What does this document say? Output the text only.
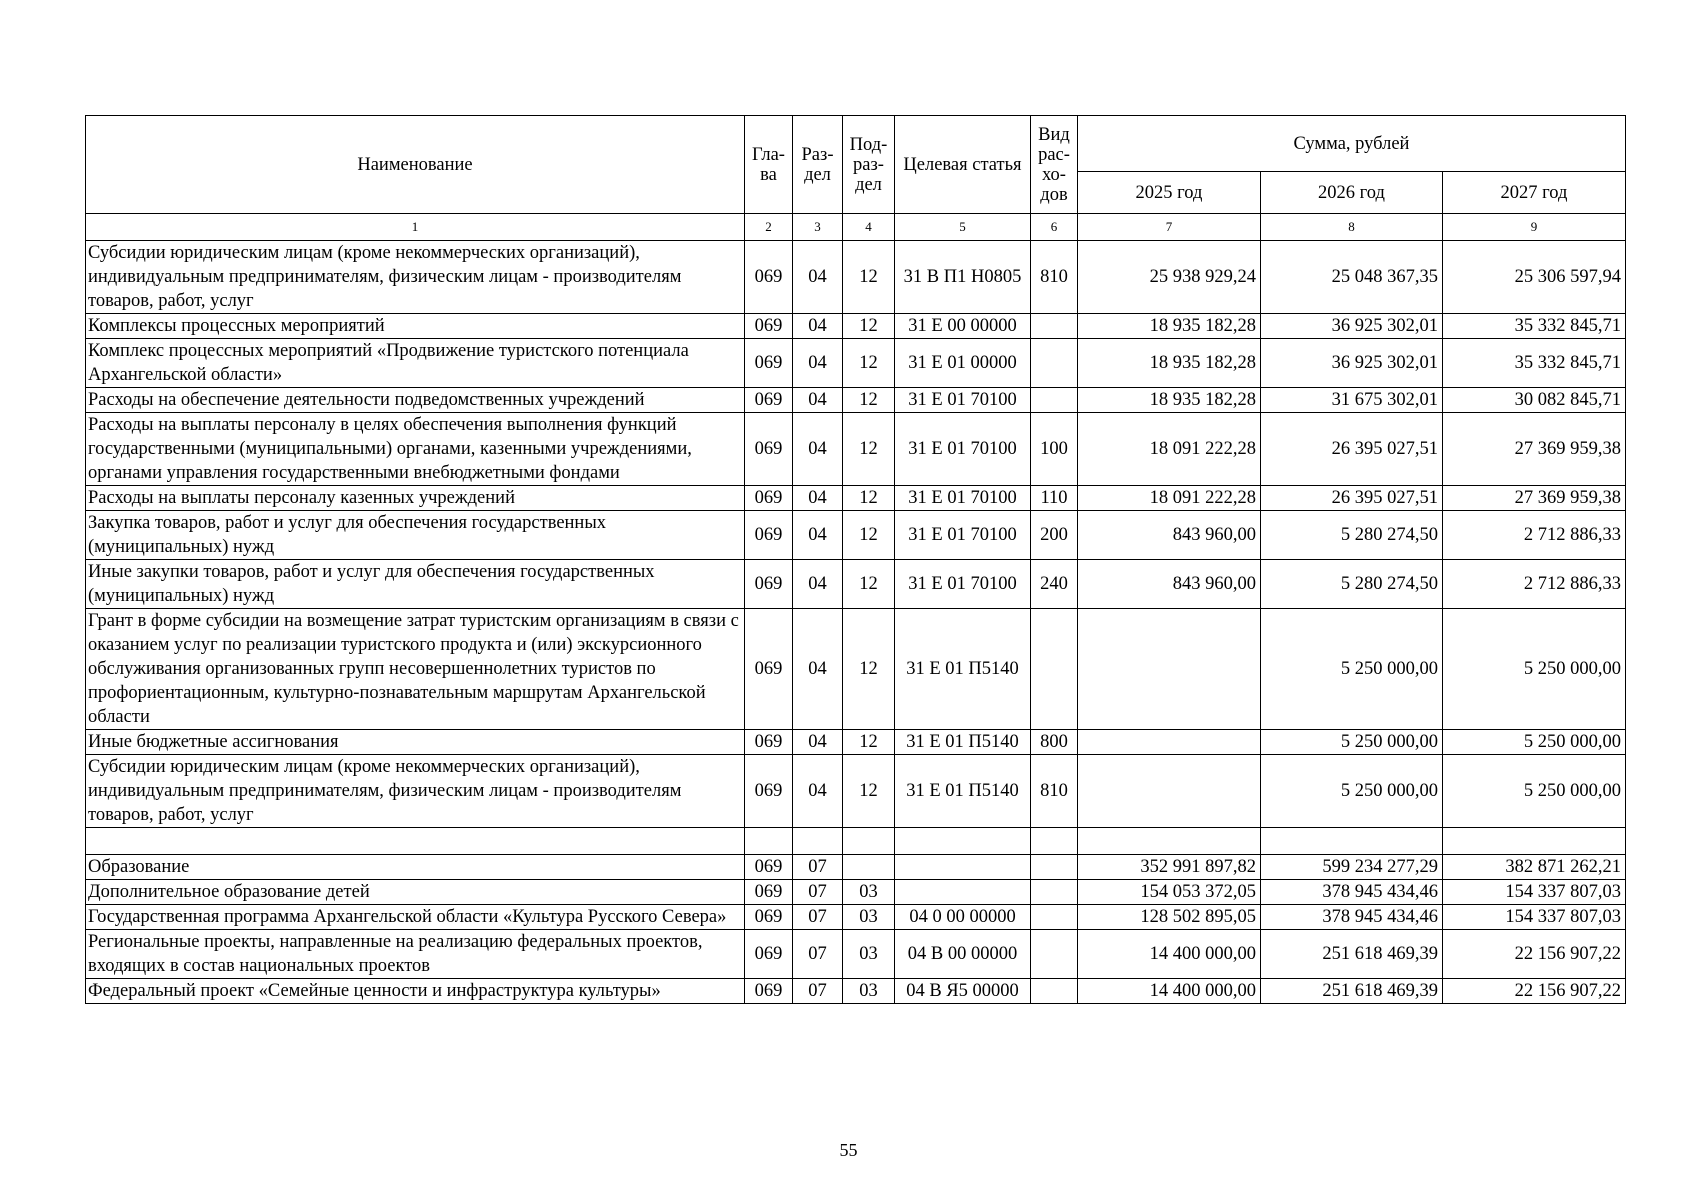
Наименование	Гла-ва	Раз-дел	Под-раз-дел	Целевая статья	Вид рас-хо-дов	Сумма, рублей		
						2025 год	2026 год	2027 год
1	2	3	4	5	6	7	8	9
Субсидии юридическим лицам (кроме некоммерческих организаций), индивидуальным предпринимателям, физическим лицам - производителям товаров, работ, услуг	069	04	12	31 В П1 Н0805	810	25 938 929,24	25 048 367,35	25 306 597,94
Комплексы процессных мероприятий	069	04	12	31 Е 00 00000		18 935 182,28	36 925 302,01	35 332 845,71
Комплекс процессных мероприятий «Продвижение туристского потенциала Архангельской области»	069	04	12	31 Е 01 00000		18 935 182,28	36 925 302,01	35 332 845,71
Расходы на обеспечение деятельности подведомственных учреждений	069	04	12	31 Е 01 70100		18 935 182,28	31 675 302,01	30 082 845,71
Расходы на выплаты персоналу в целях обеспечения выполнения функций государственными (муниципальными) органами, казенными учреждениями, органами управления государственными внебюджетными фондами	069	04	12	31 Е 01 70100	100	18 091 222,28	26 395 027,51	27 369 959,38
Расходы на выплаты персоналу казенных учреждений	069	04	12	31 Е 01 70100	110	18 091 222,28	26 395 027,51	27 369 959,38
Закупка товаров, работ и услуг для обеспечения государственных (муниципальных) нужд	069	04	12	31 Е 01 70100	200	843 960,00	5 280 274,50	2 712 886,33
Иные закупки товаров, работ и услуг для обеспечения государственных (муниципальных) нужд	069	04	12	31 Е 01 70100	240	843 960,00	5 280 274,50	2 712 886,33
Грант в форме субсидии на возмещение затрат туристским организациям в связи с оказанием услуг по реализации туристского продукта и (или) экскурсионного обслуживания организованных групп несовершеннолетних туристов по профориентационным, культурно-познавательным маршрутам Архангельской области	069	04	12	31 Е 01 П5140			5 250 000,00	5 250 000,00
Иные бюджетные ассигнования	069	04	12	31 Е 01 П5140	800		5 250 000,00	5 250 000,00
Субсидии юридическим лицам (кроме некоммерческих организаций), индивидуальным предпринимателям, физическим лицам - производителям товаров, работ, услуг	069	04	12	31 Е 01 П5140	810		5 250 000,00	5 250 000,00

Образование	069	07				352 991 897,82	599 234 277,29	382 871 262,21
Дополнительное образование детей	069	07	03			154 053 372,05	378 945 434,46	154 337 807,03
Государственная программа Архангельской области «Культура Русского Севера»	069	07	03	04 0 00 00000		128 502 895,05	378 945 434,46	154 337 807,03
Региональные проекты, направленные на реализацию федеральных проектов, входящих в состав национальных проектов	069	07	03	04 В 00 00000		14 400 000,00	251 618 469,39	22 156 907,22
Федеральный проект «Семейные ценности и инфраструктура культуры»	069	07	03	04 В Я5 00000		14 400 000,00	251 618 469,39	22 156 907,22
55
